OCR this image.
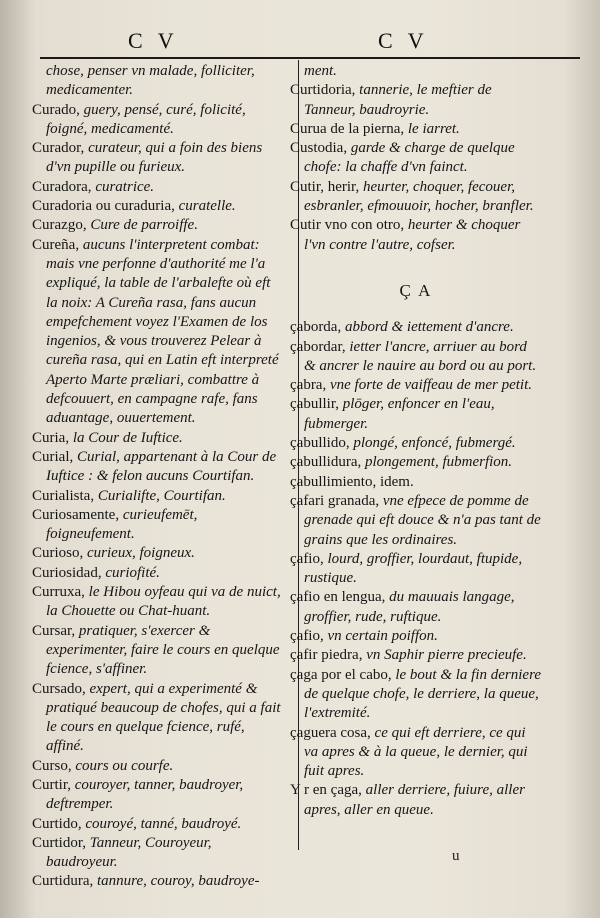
C V	C V

chose, penser vn malade, folliciter, medicamenter.

Curado, guery, pensé, curé, folicité, foigné, medicamenté.

Curador, curateur, qui a foin des biens d'vn pupille ou furieux.

Curadora, curatrice.

Curadoria ou curaduria, curatelle.

Curazgo, Cure de parroiffe.

Cureña, aucuns l'interpretent combat: mais vne perfonne d'authorité me l'a expliqué, la table de l'arbalefte où eft la noix: A Cureña rasa, fans aucun empefchement voyez l'Examen de los ingenios, & vous trouverez Pelear à cureña rasa, qui en Latin eft interpreté Aperto Marte præliari, combattre à defcouuert, en campagne rafe, fans aduantage, ouuertement.

Curia, la Cour de Iuftice.

Curial, Curial, appartenant à la Cour de Iuftice : & felon aucuns Courtifan.

Curialista, Curialifte, Courtifan.

Curiosamente, curieufemēt, foigneufement.

Curioso, curieux, foigneux.

Curiosidad, curiofité.

Curruxa, le Hibou oyfeau qui va de nuict, la Chouette ou Chat-huant.

Cursar, pratiquer, s'exercer & experimenter, faire le cours en quelque fcience, s'affiner.

Cursado, expert, qui a experimenté & pratiqué beaucoup de chofes, qui a fait le cours en quelque fcience, rufé, affiné.

Curso, cours ou courfe.

Curtir, couroyer, tanner, baudroyer, deftremper.

Curtido, couroyé, tanné, baudroyé.

Curtidor, Tanneur, Couroyeur, baudroyeur.

Curtidura, tannure, couroy, baudroye-

ment.

Curtidoria, tannerie, le meftier de Tanneur, baudroyrie.

Curua de la pierna, le iarret.

Custodia, garde & charge de quelque chofe: la chaffe d'vn fainct.

Cutir, herir, heurter, choquer, fecouer, esbranler, efmouuoir, hocher, branfler.

Cutir vno con otro, heurter & choquer l'vn contre l'autre, cofser.

Ç A

çaborda, abbord & iettement d'ancre.

çabordar, ietter l'ancre, arriuer au bord & ancrer le nauire au bord ou au port.

çabra, vne forte de vaiffeau de mer petit.

çabullir, plōger, enfoncer en l'eau, fubmerger.

çabullido, plongé, enfoncé, fubmergé.

çabullidura, plongement, fubmerfion.

çabullimiento, idem.

çafari granada, vne efpece de pomme de grenade qui eft douce & n'a pas tant de grains que les ordinaires.

çafio, lourd, groffier, lourdaut, ftupide, rustique.

çafio en lengua, du mauuais langage, groffier, rude, ruftique.

çafio, vn certain poiffon.

çafir piedra, vn Saphir pierre precieufe.

çaga por el cabo, le bout & la fin derniere de quelque chofe, le derriere, la queue, l'extremité.

çaguera cosa, ce qui eft derriere, ce qui va apres & à la queue, le dernier, qui fuit apres.

Y r en çaga, aller derriere, fuiure, aller apres, aller en queue.

u
